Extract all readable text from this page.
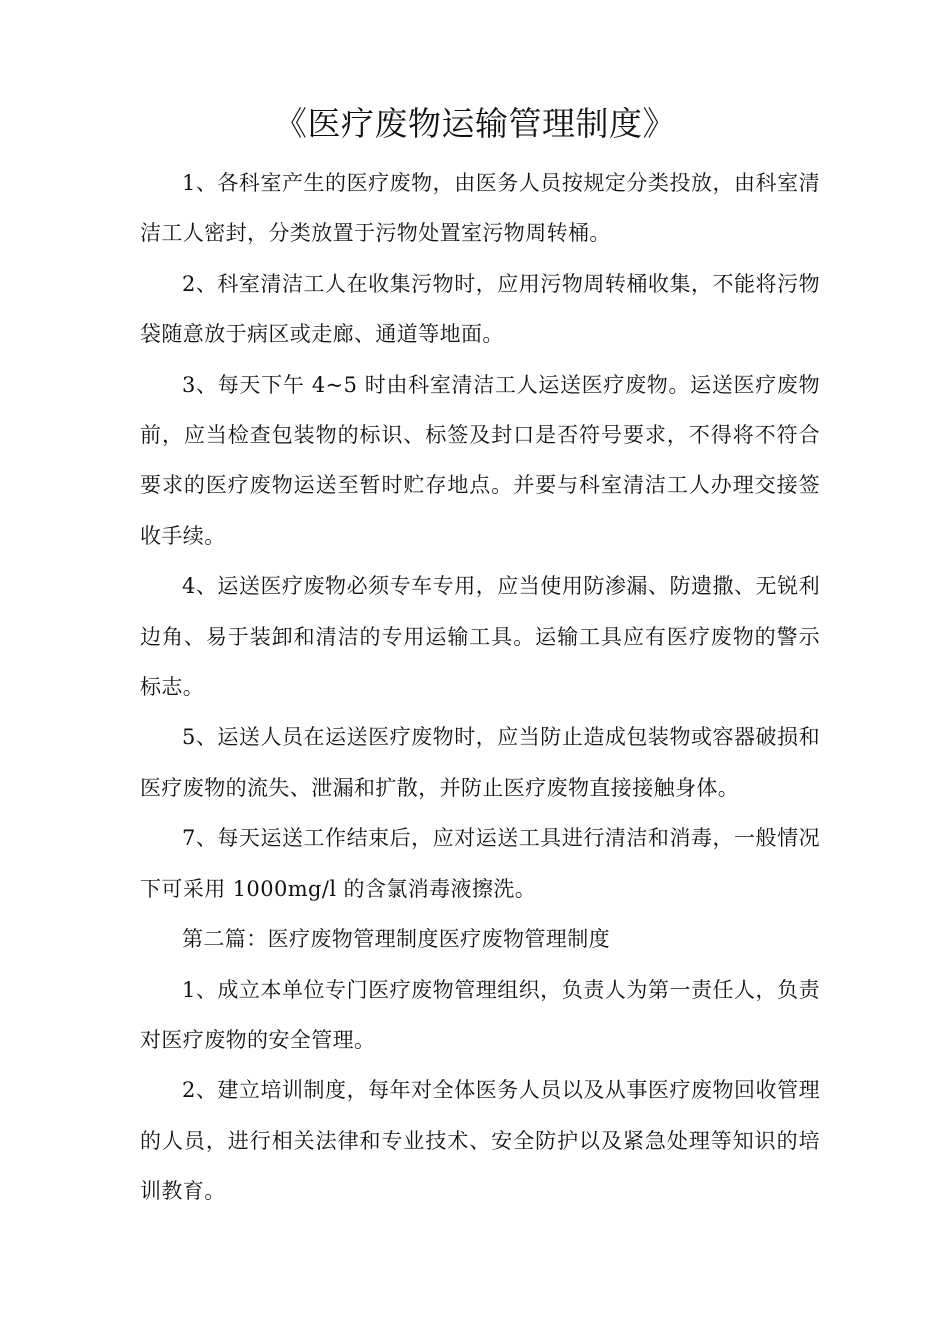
《医疗废物运输管理制度》

1、各科室产生的医疗废物，由医务人员按规定分类投放，由科室清洁工人密封，分类放置于污物处置室污物周转桶。

2、科室清洁工人在收集污物时，应用污物周转桶收集，不能将污物袋随意放于病区或走廊、通道等地面。

3、每天下午 4~5 时由科室清洁工人运送医疗废物。运送医疗废物前，应当检查包装物的标识、标签及封口是否符号要求，不得将不符合要求的医疗废物运送至暂时贮存地点。并要与科室清洁工人办理交接签收手续。

4、运送医疗废物必须专车专用，应当使用防渗漏、防遗撒、无锐利边角、易于装卸和清洁的专用运输工具。运输工具应有医疗废物的警示标志。

5、运送人员在运送医疗废物时，应当防止造成包装物或容器破损和医疗废物的流失、泄漏和扩散，并防止医疗废物直接接触身体。

7、每天运送工作结束后，应对运送工具进行清洁和消毒，一般情况下可采用 1000mg/l 的含氯消毒液擦洗。

第二篇：医疗废物管理制度医疗废物管理制度

1、成立本单位专门医疗废物管理组织，负责人为第一责任人，负责对医疗废物的安全管理。

2、建立培训制度，每年对全体医务人员以及从事医疗废物回收管理的人员，进行相关法律和专业技术、安全防护以及紧急处理等知识的培训教育。
